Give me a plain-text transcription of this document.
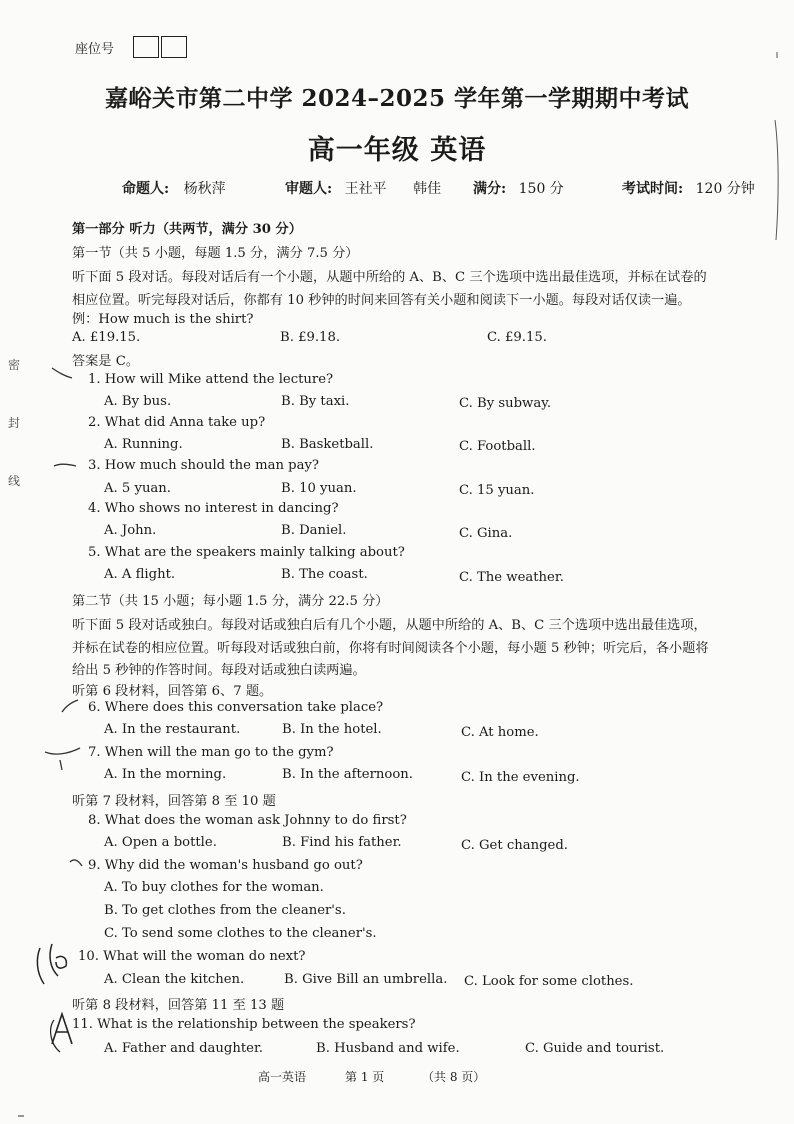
座位号
嘉峪关市第二中学 2024–2025 学年第一学期期中考试
高一年级 英语
命题人: 杨秋萍	审题人: 王社平 韩佳 满分: 150 分	考试时间: 120 分钟
第一部分 听力（共两节，满分 30 分）
第一节（共 5 小题，每题 1.5 分，满分 7.5 分）
听下面 5 段对话。每段对话后有一个小题，从题中所给的 A、B、C 三个选项中选出最佳选项，并标在试卷的
相应位置。听完每段对话后，你都有 10 秒钟的时间来回答有关小题和阅读下一小题。每段对话仅读一遍。
例：How much is the shirt?
A. £19.15.	B. £9.18.	C. £9.15.
答案是 C。
1. How will Mike attend the lecture?
A. By bus.	B. By taxi.	C. By subway.
2. What did Anna take up?
A. Running.	B. Basketball.	C. Football.
3. How much should the man pay?
A. 5 yuan.	B. 10 yuan.	C. 15 yuan.
4. Who shows no interest in dancing?
A. John.	B. Daniel.	C. Gina.
5. What are the speakers mainly talking about?
A. A flight.	B. The coast.	C. The weather.
第二节（共 15 小题；每小题 1.5 分，满分 22.5 分）
听下面 5 段对话或独白。每段对话或独白后有几个小题，从题中所给的 A、B、C 三个选项中选出最佳选项，
并标在试卷的相应位置。听每段对话或独白前，你将有时间阅读各个小题，每小题 5 秒钟；听完后，各小题将
给出 5 秒钟的作答时间。每段对话或独白读两遍。
听第 6 段材料，回答第 6、7 题。
6. Where does this conversation take place?
A. In the restaurant.	B. In the hotel.	C. At home.
7. When will the man go to the gym?
A. In the morning.	B. In the afternoon.	C. In the evening.
听第 7 段材料，回答第 8 至 10 题
8. What does the woman ask Johnny to do first?
A. Open a bottle.	B. Find his father.	C. Get changed.
9. Why did the woman's husband go out?
A. To buy clothes for the woman.
B. To get clothes from the cleaner's.
C. To send some clothes to the cleaner's.
10. What will the woman do next?
A. Clean the kitchen.	B. Give Bill an umbrella. C. Look for some clothes.
听第 8 段材料，回答第 11 至 13 题
11. What is the relationship between the speakers?
A. Father and daughter.	B. Husband and wife.	C. Guide and tourist.
高一英语	第 1 页	（共 8 页）
密
封
线
